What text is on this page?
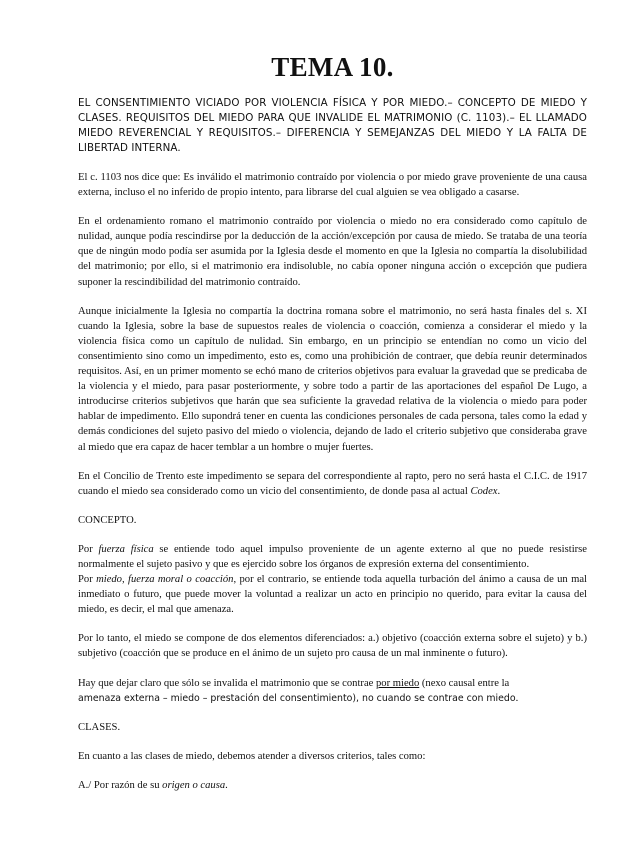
TEMA 10.

EL CONSENTIMIENTO VICIADO POR VIOLENCIA FÍSICA Y POR MIEDO.– CONCEPTO DE MIEDO Y CLASES. REQUISITOS DEL MIEDO PARA QUE INVALIDE EL MATRIMONIO (C. 1103).– EL LLAMADO MIEDO REVERENCIAL Y REQUISITOS.– DIFERENCIA Y SEMEJANZAS DEL MIEDO Y LA FALTA DE LIBERTAD INTERNA.

El c. 1103 nos dice que: Es inválido el matrimonio contraído por violencia o por miedo grave proveniente de una causa externa, incluso el no inferido de propio intento, para librarse del cual alguien se vea obligado a casarse.

En el ordenamiento romano el matrimonio contraído por violencia o miedo no era considerado como capítulo de nulidad, aunque podía rescindirse por la deducción de la acción/excepción por causa de miedo. Se trataba de una teoría que de ningún modo podía ser asumida por la Iglesia desde el momento en que la Iglesia no compartía la disolubilidad del matrimonio; por ello, si el matrimonio era indisoluble, no cabía oponer ninguna acción o excepción que pudiera suponer la rescindibilidad del matrimonio contraído.

Aunque inicialmente la Iglesia no compartía la doctrina romana sobre el matrimonio, no será hasta finales del s. XI cuando la Iglesia, sobre la base de supuestos reales de violencia o coacción, comienza a considerar el miedo y la violencia física como un capítulo de nulidad. Sin embargo, en un principio se entendían no como un vicio del consentimiento sino como un impedimento, esto es, como una prohibición de contraer, que debía reunir determinados requisitos. Así, en un primer momento se echó mano de criterios objetivos para evaluar la gravedad que se predicaba de la violencia y el miedo, para pasar posteriormente, y sobre todo a partir de las aportaciones del español De Lugo, a introducirse criterios subjetivos que harán que sea suficiente la gravedad relativa de la violencia o miedo para poder hablar de impedimento. Ello supondrá tener en cuenta las condiciones personales de cada persona, tales como la edad y demás condiciones del sujeto pasivo del miedo o violencia, dejando de lado el criterio subjetivo que consideraba grave al miedo que era capaz de hacer temblar a un hombre o mujer fuertes.

En el Concilio de Trento este impedimento se separa del correspondiente al rapto, pero no será hasta el C.I.C. de 1917 cuando el miedo sea considerado como un vicio del consentimiento, de donde pasa al actual Codex.

CONCEPTO.

Por fuerza física se entiende todo aquel impulso proveniente de un agente externo al que no puede resistirse normalmente el sujeto pasivo y que es ejercido sobre los órganos de expresión externa del consentimiento.

Por miedo, fuerza moral o coacción, por el contrario, se entiende toda aquella turbación del ánimo a causa de un mal inmediato o futuro, que puede mover la voluntad a realizar un acto en principio no querido, para evitar la causa del miedo, es decir, el mal que amenaza.

Por lo tanto, el miedo se compone de dos elementos diferenciados: a.) objetivo (coacción externa sobre el sujeto) y b.) subjetivo (coacción que se produce en el ánimo de un sujeto pro causa de un mal inminente o futuro).

Hay que dejar claro que sólo se invalida el matrimonio que se contrae por miedo (nexo causal entre la
amenaza externa – miedo – prestación del consentimiento), no cuando se contrae con miedo.

CLASES.

En cuanto a las clases de miedo, debemos atender a diversos criterios, tales como:

A./ Por razón de su origen o causa.
